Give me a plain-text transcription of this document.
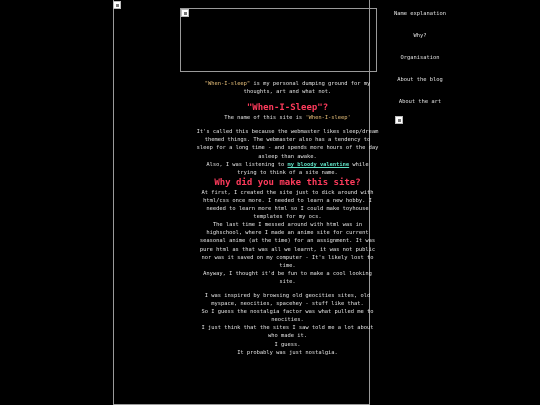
Name explanation
Why?
Organisation
About the blog
About the art

"When-I-sleep" is my personal dumping ground for my thoughts, art and what not.

"When-I-Sleep"?

The name of this site is 'When-I-sleep'

It's called this because the webmaster likes sleep/dream themed things. The webmaster also has a tendency to sleep for a long time - and spends more hours of the day asleep than awake.

Also, I was listening to my bloody valentine while trying to think of a site name.

Why did you make this site?

At first, I created the site just to dick around with html/css once more. I needed to learn a new hobby. I needed to learn more html so I could make toyhouse templates for my ocs.

The last time I messed around with html was in highschool, where I made an anime site for current seasonal anime (at the time) for an assignment. It was pure html as that was all we learnt, it was not public nor was it saved on my computer - It's likely lost to time.

Anyway, I thought it'd be fun to make a cool looking site.

I was inspired by browsing old geocities sites, old myspace, neocities, spacehey - stuff like that.

So I guess the nostalgia factor was what pulled me to neocities.

I just think that the sites I saw told me a lot about who made it.

I guess.

It probably was just nostalgia.
